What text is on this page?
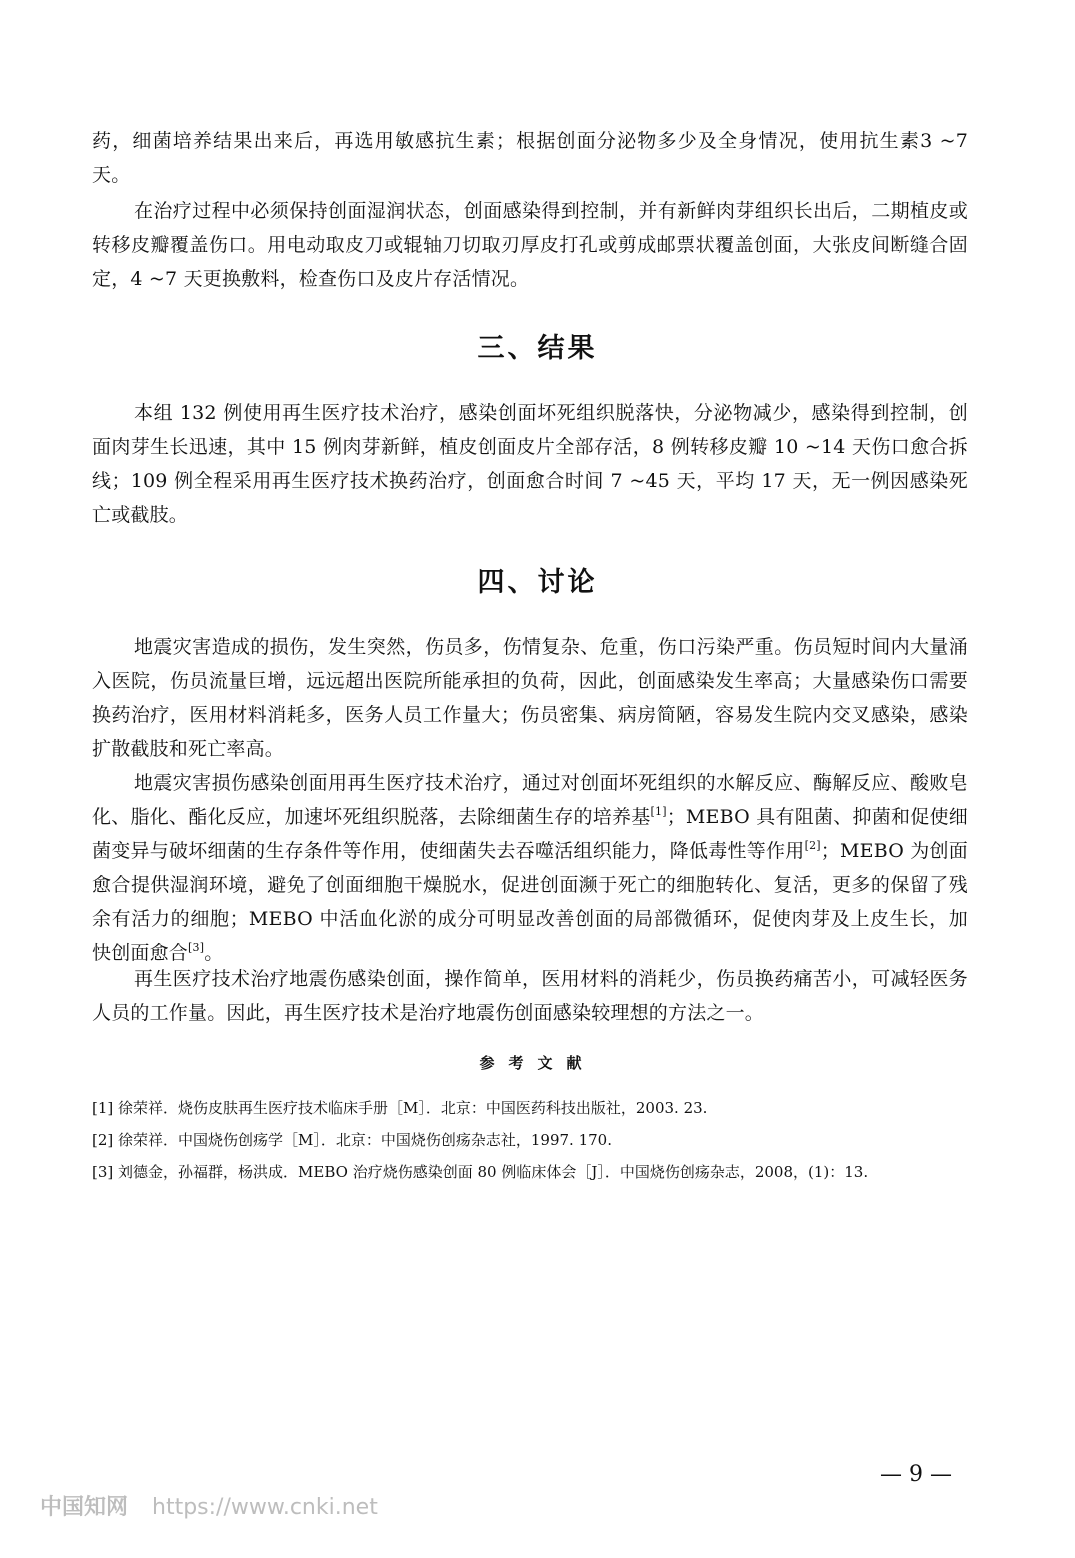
药，细菌培养结果出来后，再选用敏感抗生素；根据创面分泌物多少及全身情况，使用抗生素3 ~7 天。

在治疗过程中必须保持创面湿润状态，创面感染得到控制，并有新鲜肉芽组织长出后，二期植皮或转移皮瓣覆盖伤口。用电动取皮刀或辊轴刀切取刃厚皮打孔或剪成邮票状覆盖创面，大张皮间断缝合固定，4 ~7 天更换敷料，检查伤口及皮片存活情况。

三、结果

本组 132 例使用再生医疗技术治疗，感染创面坏死组织脱落快，分泌物减少，感染得到控制，创面肉芽生长迅速，其中 15 例肉芽新鲜，植皮创面皮片全部存活，8 例转移皮瓣 10 ~14 天伤口愈合拆线；109 例全程采用再生医疗技术换药治疗，创面愈合时间 7 ~45 天，平均 17 天，无一例因感染死亡或截肢。

四、讨论

地震灾害造成的损伤，发生突然，伤员多，伤情复杂、危重，伤口污染严重。伤员短时间内大量涌入医院，伤员流量巨增，远远超出医院所能承担的负荷，因此，创面感染发生率高；大量感染伤口需要换药治疗，医用材料消耗多，医务人员工作量大；伤员密集、病房简陋，容易发生院内交叉感染，感染扩散截肢和死亡率高。

地震灾害损伤感染创面用再生医疗技术治疗，通过对创面坏死组织的水解反应、酶解反应、酸败皂化、脂化、酯化反应，加速坏死组织脱落，去除细菌生存的培养基[1]；MEBO 具有阻菌、抑菌和促使细菌变异与破坏细菌的生存条件等作用，使细菌失去吞噬活组织能力，降低毒性等作用[2]；MEBO 为创面愈合提供湿润环境，避免了创面细胞干燥脱水，促进创面濒于死亡的细胞转化、复活，更多的保留了残余有活力的细胞；MEBO 中活血化淤的成分可明显改善创面的局部微循环，促使肉芽及上皮生长，加快创面愈合[3]。

再生医疗技术治疗地震伤感染创面，操作简单，医用材料的消耗少，伤员换药痛苦小，可减轻医务人员的工作量。因此，再生医疗技术是治疗地震伤创面感染较理想的方法之一。

参考文献

[1] 徐荣祥．烧伤皮肤再生医疗技术临床手册［M］．北京：中国医药科技出版社，2003. 23.

[2] 徐荣祥．中国烧伤创疡学［M］．北京：中国烧伤创疡杂志社，1997. 170.

[3] 刘德金，孙福群，杨洪成．MEBO 治疗烧伤感染创面 80 例临床体会［J］．中国烧伤创疡杂志，2008，(1)：13.

— 9 —
中国知网 https://www.cnki.net
